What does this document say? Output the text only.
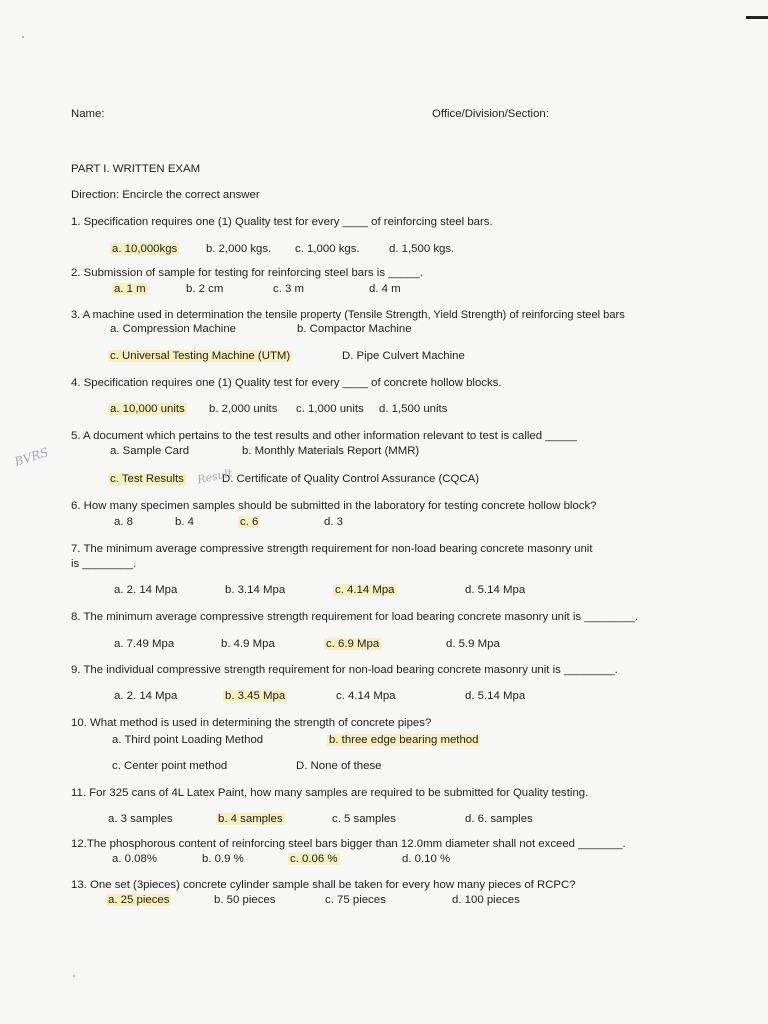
Name:	Office/Division/Section:
PART I. WRITTEN EXAM
Direction: Encircle the correct answer
1. Specification requires one (1) Quality test for every ____ of reinforcing steel bars.
a. 10,000kgs	b. 2,000 kgs. c. 1,000 kgs.	d. 1,500 kgs.
2. Submission of sample for testing for reinforcing steel bars is _____.
a. 1 m	b. 2 cm	c. 3 m	d. 4 m
3. A machine used in determination the tensile property (Tensile Strength, Yield Strength) of reinforcing steel bars
a. Compression Machine	b. Compactor Machine
c. Universal Testing Machine (UTM)	D. Pipe Culvert Machine
4. Specification requires one (1) Quality test for every ____ of concrete hollow blocks.
a. 10,000 units b. 2,000 units c. 1,000 units d. 1,500 units
5. A document which pertains to the test results and other information relevant to test is called _____
a. Sample Card	b. Monthly Materials Report (MMR)
c. Test Results	D. Certificate of Quality Control Assurance (CQCA)
Result
BVRS
6. How many specimen samples should be submitted in the laboratory for testing concrete hollow block?
a. 8	b. 4	c. 6	d. 3
7. The minimum average compressive strength requirement for non-load bearing concrete masonry unit
is ________.
a. 2. 14 Mpa	b. 3.14 Mpa	c. 4.14 Mpa	d. 5.14 Mpa
8. The minimum average compressive strength requirement for load bearing concrete masonry unit is ________.
a. 7.49 Mpa	b. 4.9 Mpa	c. 6.9 Mpa	d. 5.9 Mpa
9. The individual compressive strength requirement for non-load bearing concrete masonry unit is ________.
a. 2. 14 Mpa	b. 3.45 Mpa	c. 4.14 Mpa	d. 5.14 Mpa
10. What method is used in determining the strength of concrete pipes?
a. Third point Loading Method	b. three edge bearing method
c. Center point method	D. None of these
11. For 325 cans of 4L Latex Paint, how many samples are required to be submitted for Quality testing.
a. 3 samples	b. 4 samples	c. 5 samples	d. 6. samples
12.The phosphorous content of reinforcing steel bars bigger than 12.0mm diameter shall not exceed _______.
a. 0.08%	b. 0.9 %	c. 0.06 %	d. 0.10 %
13. One set (3pieces) concrete cylinder sample shall be taken for every how many pieces of RCPC?
a. 25 pieces	b. 50 pieces	c. 75 pieces	d. 100 pieces
